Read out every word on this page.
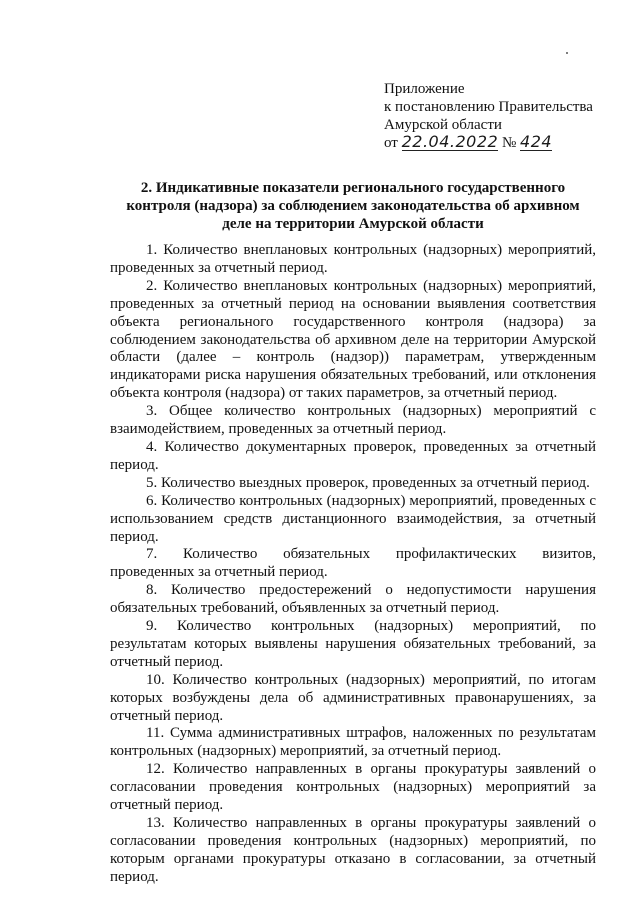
Приложение
к постановлению Правительства
Амурской области
от 22.04.2022 № 424
2. Индикативные показатели регионального государственного контроля (надзора) за соблюдением законодательства об архивном деле на территории Амурской области

1. Количество внеплановых контрольных (надзорных) мероприятий, проведенных за отчетный период.

2. Количество внеплановых контрольных (надзорных) мероприятий, проведенных за отчетный период на основании выявления соответствия объекта регионального государственного контроля (надзора) за соблюдением законодательства об архивном деле на территории Амурской области (далее – контроль (надзор)) параметрам, утвержденным индикаторами риска нарушения обязательных требований, или отклонения объекта контроля (надзора) от таких параметров, за отчетный период.

3. Общее количество контрольных (надзорных) мероприятий с взаимодействием, проведенных за отчетный период.

4. Количество документарных проверок, проведенных за отчетный период.

5. Количество выездных проверок, проведенных за отчетный период.

6. Количество контрольных (надзорных) мероприятий, проведенных с использованием средств дистанционного взаимодействия, за отчетный период.

7. Количество обязательных профилактических визитов, проведенных за отчетный период.

8. Количество предостережений о недопустимости нарушения обязательных требований, объявленных за отчетный период.

9. Количество контрольных (надзорных) мероприятий, по результатам которых выявлены нарушения обязательных требований, за отчетный период.

10. Количество контрольных (надзорных) мероприятий, по итогам которых возбуждены дела об административных правонарушениях, за отчетный период.

11. Сумма административных штрафов, наложенных по результатам контрольных (надзорных) мероприятий, за отчетный период.

12. Количество направленных в органы прокуратуры заявлений о согласовании проведения контрольных (надзорных) мероприятий за отчетный период.

13. Количество направленных в органы прокуратуры заявлений о согласовании проведения контрольных (надзорных) мероприятий, по которым органами прокуратуры отказано в согласовании, за отчетный период.
